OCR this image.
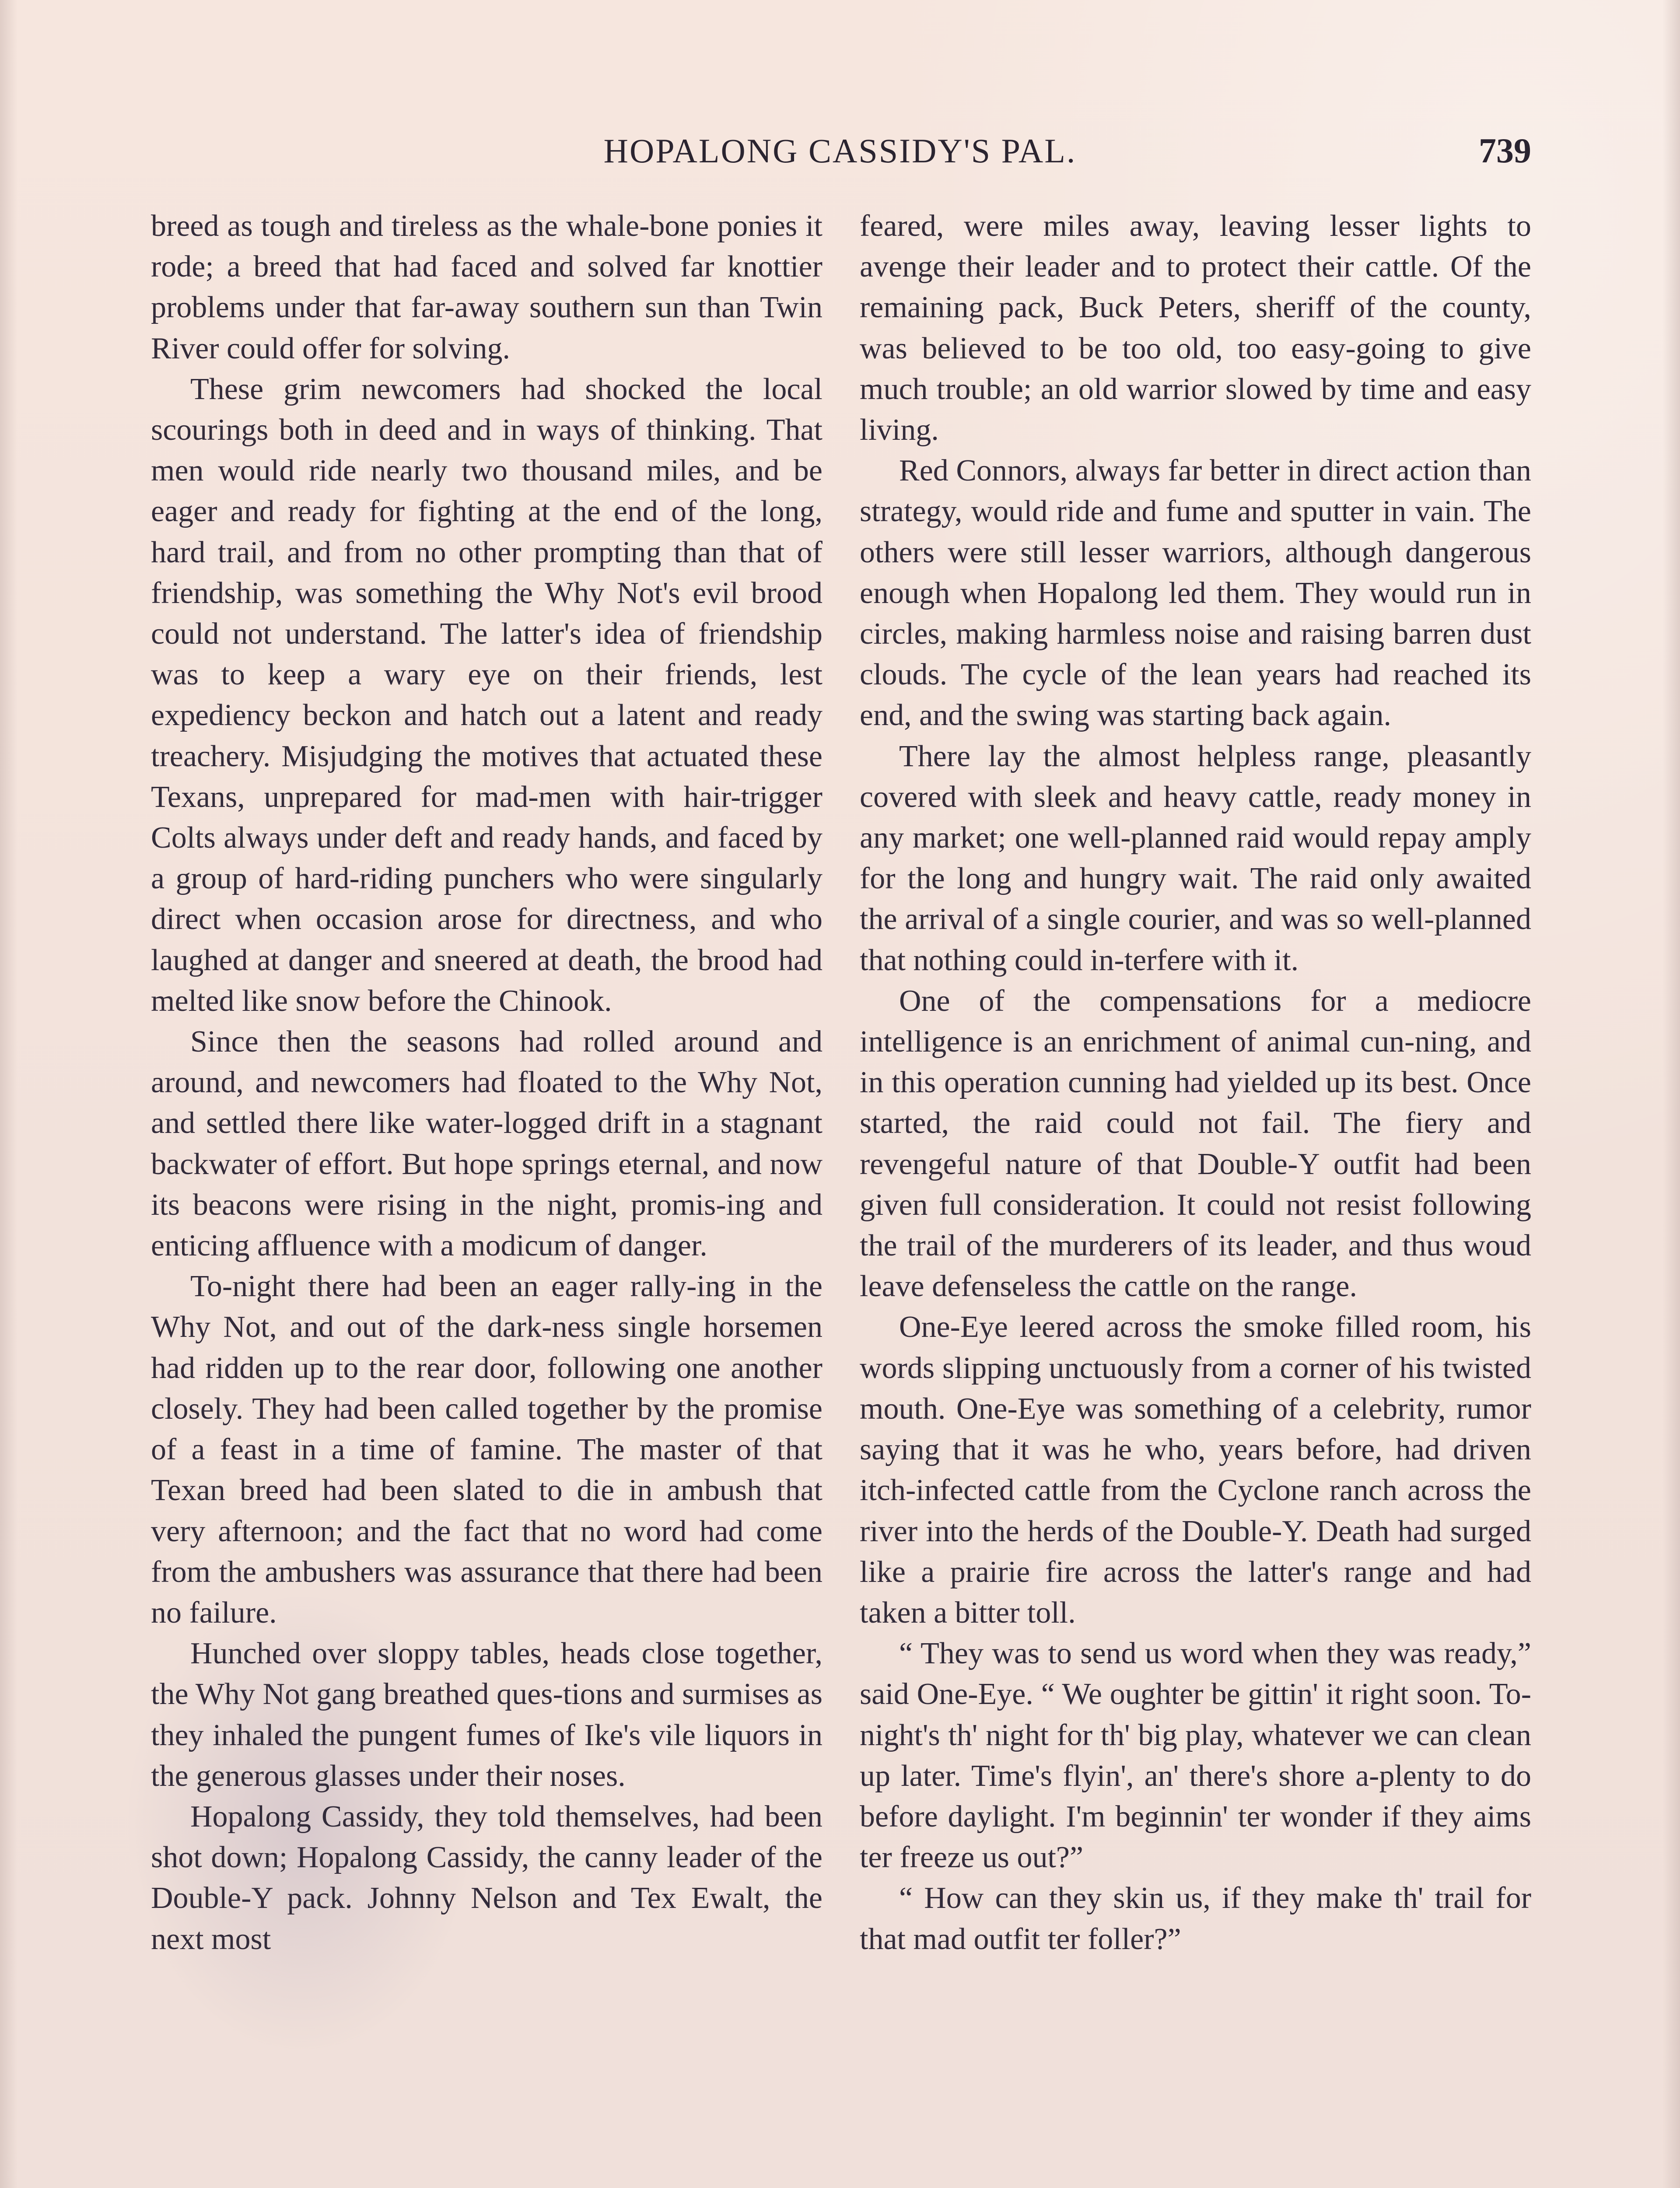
HOPALONG CASSIDY'S PAL.	739

breed as tough and tireless as the whale-bone ponies it rode; a breed that had faced and solved far knottier problems under that far-away southern sun than Twin River could offer for solving.

These grim newcomers had shocked the local scourings both in deed and in ways of thinking. That men would ride nearly two thousand miles, and be eager and ready for fighting at the end of the long, hard trail, and from no other prompting than that of friendship, was something the Why Not's evil brood could not understand. The latter's idea of friendship was to keep a wary eye on their friends, lest expediency beckon and hatch out a latent and ready treachery. Misjudging the motives that actuated these Texans, unprepared for mad-men with hair-trigger Colts always under deft and ready hands, and faced by a group of hard-riding punchers who were singularly direct when occasion arose for directness, and who laughed at danger and sneered at death, the brood had melted like snow before the Chinook.

Since then the seasons had rolled around and around, and newcomers had floated to the Why Not, and settled there like water-logged drift in a stagnant backwater of effort. But hope springs eternal, and now its beacons were rising in the night, promis-ing and enticing affluence with a modicum of danger.

To-night there had been an eager rally-ing in the Why Not, and out of the dark-ness single horsemen had ridden up to the rear door, following one another closely. They had been called together by the promise of a feast in a time of famine. The master of that Texan breed had been slated to die in ambush that very afternoon; and the fact that no word had come from the ambushers was assurance that there had been no failure.

Hunched over sloppy tables, heads close together, the Why Not gang breathed ques-tions and surmises as they inhaled the pungent fumes of Ike's vile liquors in the generous glasses under their noses.

Hopalong Cassidy, they told themselves, had been shot down; Hopalong Cassidy, the canny leader of the Double-Y pack. Johnny Nelson and Tex Ewalt, the next most

feared, were miles away, leaving lesser lights to avenge their leader and to protect their cattle. Of the remaining pack, Buck Peters, sheriff of the county, was believed to be too old, too easy-going to give much trouble; an old warrior slowed by time and easy living.

Red Connors, always far better in direct action than strategy, would ride and fume and sputter in vain. The others were still lesser warriors, although dangerous enough when Hopalong led them. They would run in circles, making harmless noise and raising barren dust clouds. The cycle of the lean years had reached its end, and the swing was starting back again.

There lay the almost helpless range, pleasantly covered with sleek and heavy cattle, ready money in any market; one well-planned raid would repay amply for the long and hungry wait. The raid only awaited the arrival of a single courier, and was so well-planned that nothing could in-terfere with it.

One of the compensations for a mediocre intelligence is an enrichment of animal cun-ning, and in this operation cunning had yielded up its best. Once started, the raid could not fail. The fiery and revengeful nature of that Double-Y outfit had been given full consideration. It could not resist following the trail of the murderers of its leader, and thus woud leave defenseless the cattle on the range.

One-Eye leered across the smoke filled room, his words slipping unctuously from a corner of his twisted mouth. One-Eye was something of a celebrity, rumor saying that it was he who, years before, had driven itch-infected cattle from the Cyclone ranch across the river into the herds of the Double-Y. Death had surged like a prairie fire across the latter's range and had taken a bitter toll.

“ They was to send us word when they was ready,” said One-Eye. “ We oughter be gittin' it right soon. To-night's th' night for th' big play, whatever we can clean up later. Time's flyin', an' there's shore a-plenty to do before daylight. I'm beginnin' ter wonder if they aims ter freeze us out?”

“ How can they skin us, if they make th' trail for that mad outfit ter foller?”
